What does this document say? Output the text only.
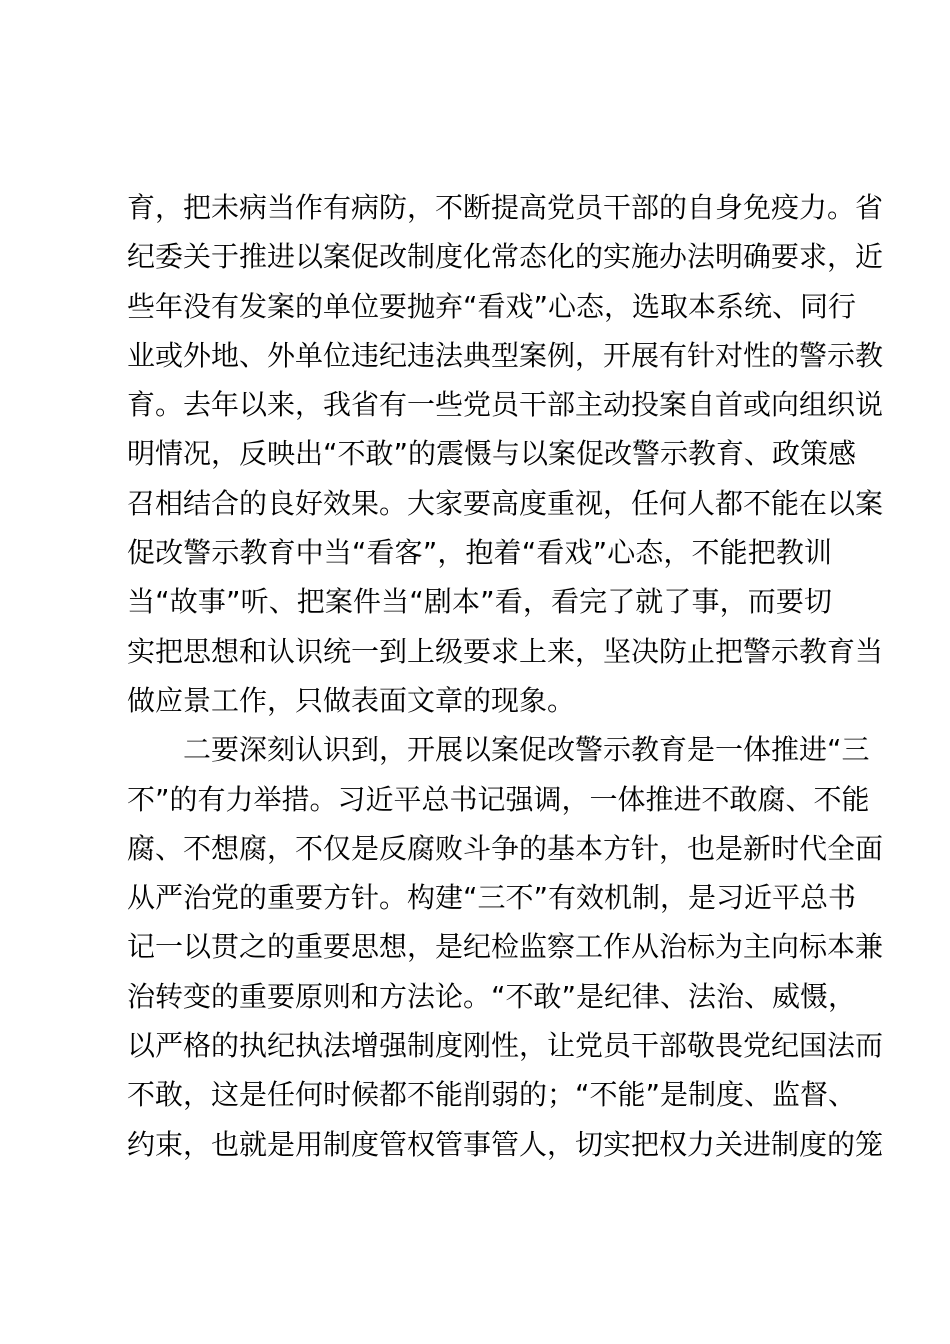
育，把未病当作有病防，不断提高党员干部的自身免疫力。省
纪委关于推进以案促改制度化常态化的实施办法明确要求，近
些年没有发案的单位要抛弃“看戏”心态，选取本系统、同行
业或外地、外单位违纪违法典型案例，开展有针对性的警示教
育。去年以来，我省有一些党员干部主动投案自首或向组织说
明情况，反映出“不敢”的震慑与以案促改警示教育、政策感
召相结合的良好效果。大家要高度重视，任何人都不能在以案
促改警示教育中当“看客”，抱着“看戏”心态，不能把教训
当“故事”听、把案件当“剧本”看，看完了就了事，而要切
实把思想和认识统一到上级要求上来，坚决防止把警示教育当
做应景工作，只做表面文章的现象。
二要深刻认识到，开展以案促改警示教育是一体推进“三
不”的有力举措。习近平总书记强调，一体推进不敢腐、不能
腐、不想腐，不仅是反腐败斗争的基本方针，也是新时代全面
从严治党的重要方针。构建“三不”有效机制，是习近平总书
记一以贯之的重要思想，是纪检监察工作从治标为主向标本兼
治转变的重要原则和方法论。“不敢”是纪律、法治、威慑，
以严格的执纪执法增强制度刚性，让党员干部敬畏党纪国法而
不敢，这是任何时候都不能削弱的；“不能”是制度、监督、
约束，也就是用制度管权管事管人，切实把权力关进制度的笼
